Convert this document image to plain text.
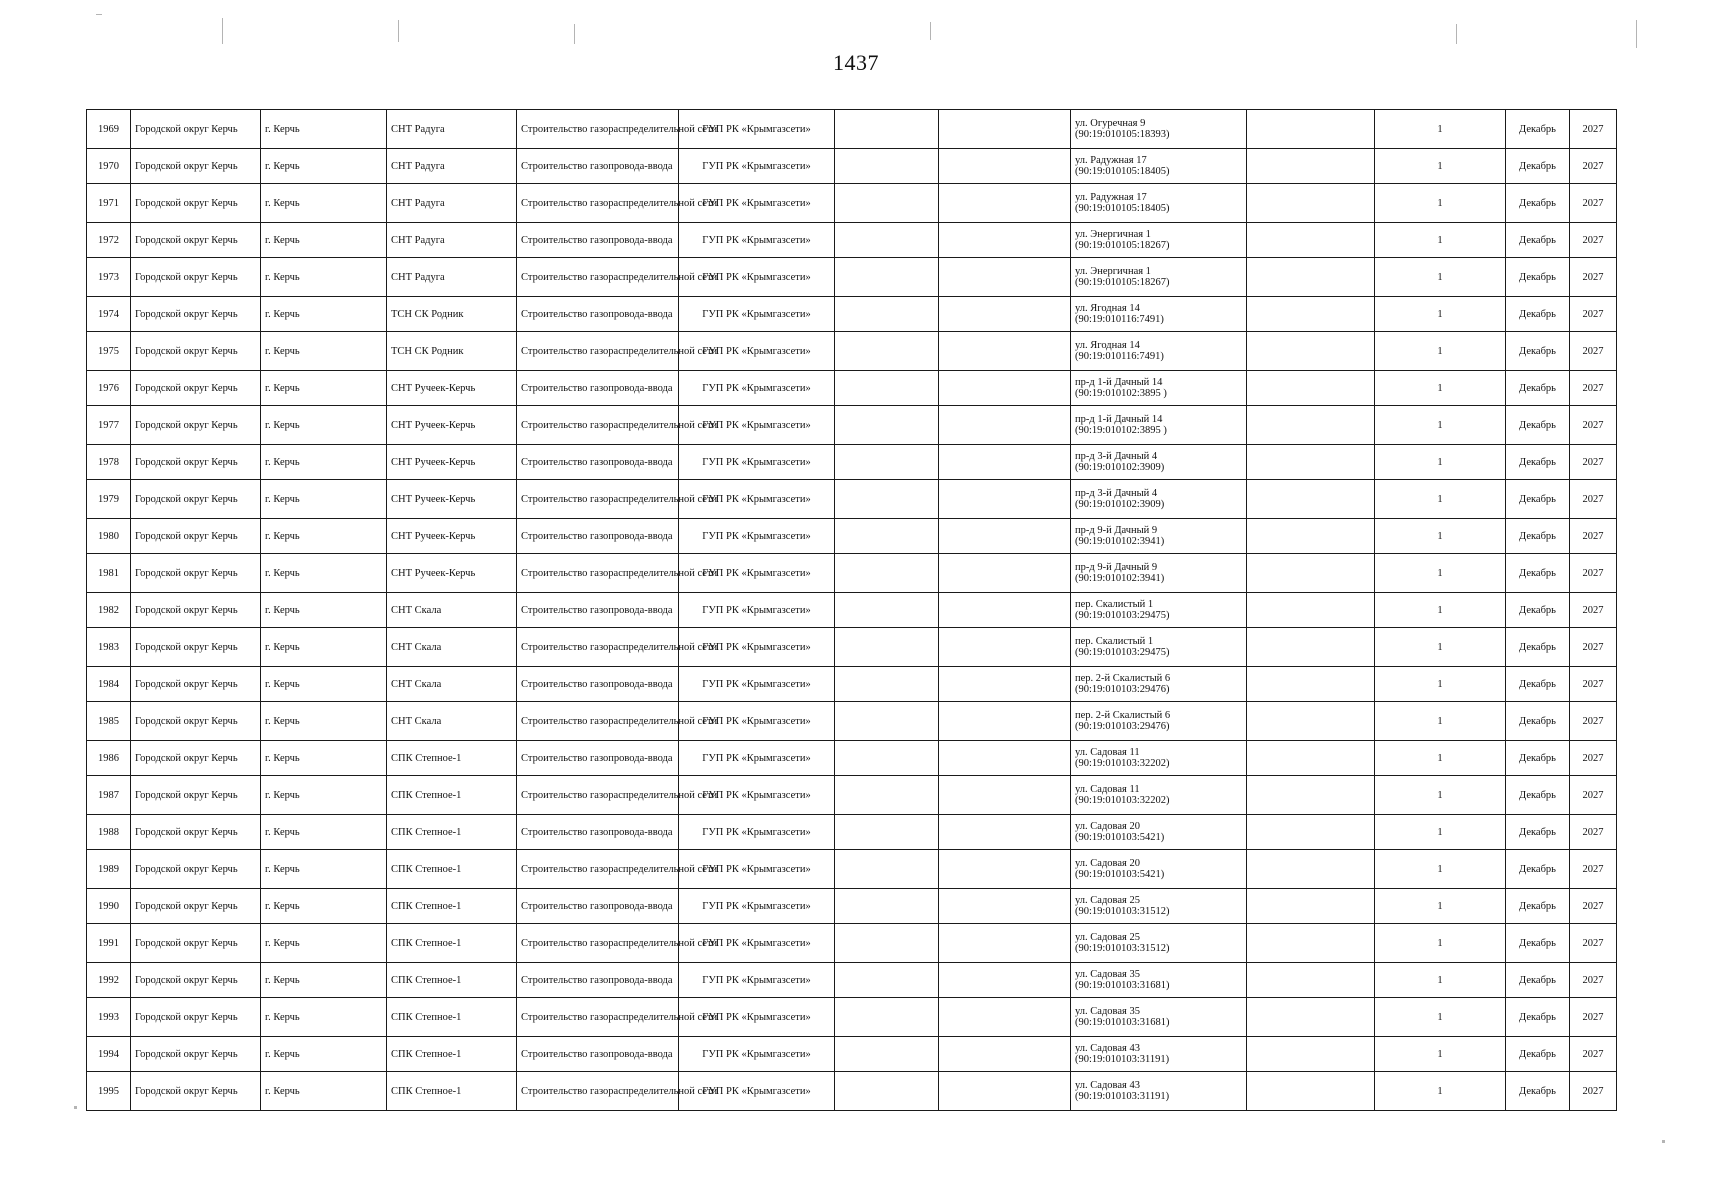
1437
1969	Городской округ Керчь	г. Керчь	СНТ Радуга	Строительство газораспределительной сети	ГУП РК «Крымгазсети»			ул. Огуречная 9
(90:19:010105:18393)		1	Декабрь	2027
1970	Городской округ Керчь	г. Керчь	СНТ Радуга	Строительство газопровода-ввода	ГУП РК «Крымгазсети»			ул. Радужная 17
(90:19:010105:18405)		1	Декабрь	2027
1971	Городской округ Керчь	г. Керчь	СНТ Радуга	Строительство газораспределительной сети	ГУП РК «Крымгазсети»			ул. Радужная 17
(90:19:010105:18405)		1	Декабрь	2027
1972	Городской округ Керчь	г. Керчь	СНТ Радуга	Строительство газопровода-ввода	ГУП РК «Крымгазсети»			ул. Энергичная 1
(90:19:010105:18267)		1	Декабрь	2027
1973	Городской округ Керчь	г. Керчь	СНТ Радуга	Строительство газораспределительной сети	ГУП РК «Крымгазсети»			ул. Энергичная 1
(90:19:010105:18267)		1	Декабрь	2027
1974	Городской округ Керчь	г. Керчь	ТСН СК Родник	Строительство газопровода-ввода	ГУП РК «Крымгазсети»			ул. Ягодная 14
(90:19:010116:7491)		1	Декабрь	2027
1975	Городской округ Керчь	г. Керчь	ТСН СК Родник	Строительство газораспределительной сети	ГУП РК «Крымгазсети»			ул. Ягодная 14
(90:19:010116:7491)		1	Декабрь	2027
1976	Городской округ Керчь	г. Керчь	СНТ Ручеек-Керчь	Строительство газопровода-ввода	ГУП РК «Крымгазсети»			пр-д 1-й Дачный 14
(90:19:010102:3895 )		1	Декабрь	2027
1977	Городской округ Керчь	г. Керчь	СНТ Ручеек-Керчь	Строительство газораспределительной сети	ГУП РК «Крымгазсети»			пр-д 1-й Дачный 14
(90:19:010102:3895 )		1	Декабрь	2027
1978	Городской округ Керчь	г. Керчь	СНТ Ручеек-Керчь	Строительство газопровода-ввода	ГУП РК «Крымгазсети»			пр-д 3-й Дачный 4
(90:19:010102:3909)		1	Декабрь	2027
1979	Городской округ Керчь	г. Керчь	СНТ Ручеек-Керчь	Строительство газораспределительной сети	ГУП РК «Крымгазсети»			пр-д 3-й Дачный 4
(90:19:010102:3909)		1	Декабрь	2027
1980	Городской округ Керчь	г. Керчь	СНТ Ручеек-Керчь	Строительство газопровода-ввода	ГУП РК «Крымгазсети»			пр-д 9-й Дачный 9
(90:19:010102:3941)		1	Декабрь	2027
1981	Городской округ Керчь	г. Керчь	СНТ Ручеек-Керчь	Строительство газораспределительной сети	ГУП РК «Крымгазсети»			пр-д 9-й Дачный 9
(90:19:010102:3941)		1	Декабрь	2027
1982	Городской округ Керчь	г. Керчь	СНТ Скала	Строительство газопровода-ввода	ГУП РК «Крымгазсети»			пер. Скалистый 1
(90:19:010103:29475)		1	Декабрь	2027
1983	Городской округ Керчь	г. Керчь	СНТ Скала	Строительство газораспределительной сети	ГУП РК «Крымгазсети»			пер. Скалистый 1
(90:19:010103:29475)		1	Декабрь	2027
1984	Городской округ Керчь	г. Керчь	СНТ Скала	Строительство газопровода-ввода	ГУП РК «Крымгазсети»			пер. 2-й Скалистый 6
(90:19:010103:29476)		1	Декабрь	2027
1985	Городской округ Керчь	г. Керчь	СНТ Скала	Строительство газораспределительной сети	ГУП РК «Крымгазсети»			пер. 2-й Скалистый 6
(90:19:010103:29476)		1	Декабрь	2027
1986	Городской округ Керчь	г. Керчь	СПК Степное-1	Строительство газопровода-ввода	ГУП РК «Крымгазсети»			ул. Садовая 11
(90:19:010103:32202)		1	Декабрь	2027
1987	Городской округ Керчь	г. Керчь	СПК Степное-1	Строительство газораспределительной сети	ГУП РК «Крымгазсети»			ул. Садовая 11
(90:19:010103:32202)		1	Декабрь	2027
1988	Городской округ Керчь	г. Керчь	СПК Степное-1	Строительство газопровода-ввода	ГУП РК «Крымгазсети»			ул. Садовая 20
(90:19:010103:5421)		1	Декабрь	2027
1989	Городской округ Керчь	г. Керчь	СПК Степное-1	Строительство газораспределительной сети	ГУП РК «Крымгазсети»			ул. Садовая 20
(90:19:010103:5421)		1	Декабрь	2027
1990	Городской округ Керчь	г. Керчь	СПК Степное-1	Строительство газопровода-ввода	ГУП РК «Крымгазсети»			ул. Садовая 25
(90:19:010103:31512)		1	Декабрь	2027
1991	Городской округ Керчь	г. Керчь	СПК Степное-1	Строительство газораспределительной сети	ГУП РК «Крымгазсети»			ул. Садовая 25
(90:19:010103:31512)		1	Декабрь	2027
1992	Городской округ Керчь	г. Керчь	СПК Степное-1	Строительство газопровода-ввода	ГУП РК «Крымгазсети»			ул. Садовая 35
(90:19:010103:31681)		1	Декабрь	2027
1993	Городской округ Керчь	г. Керчь	СПК Степное-1	Строительство газораспределительной сети	ГУП РК «Крымгазсети»			ул. Садовая 35
(90:19:010103:31681)		1	Декабрь	2027
1994	Городской округ Керчь	г. Керчь	СПК Степное-1	Строительство газопровода-ввода	ГУП РК «Крымгазсети»			ул. Садовая 43
(90:19:010103:31191)		1	Декабрь	2027
1995	Городской округ Керчь	г. Керчь	СПК Степное-1	Строительство газораспределительной сети	ГУП РК «Крымгазсети»			ул. Садовая 43
(90:19:010103:31191)		1	Декабрь	2027
